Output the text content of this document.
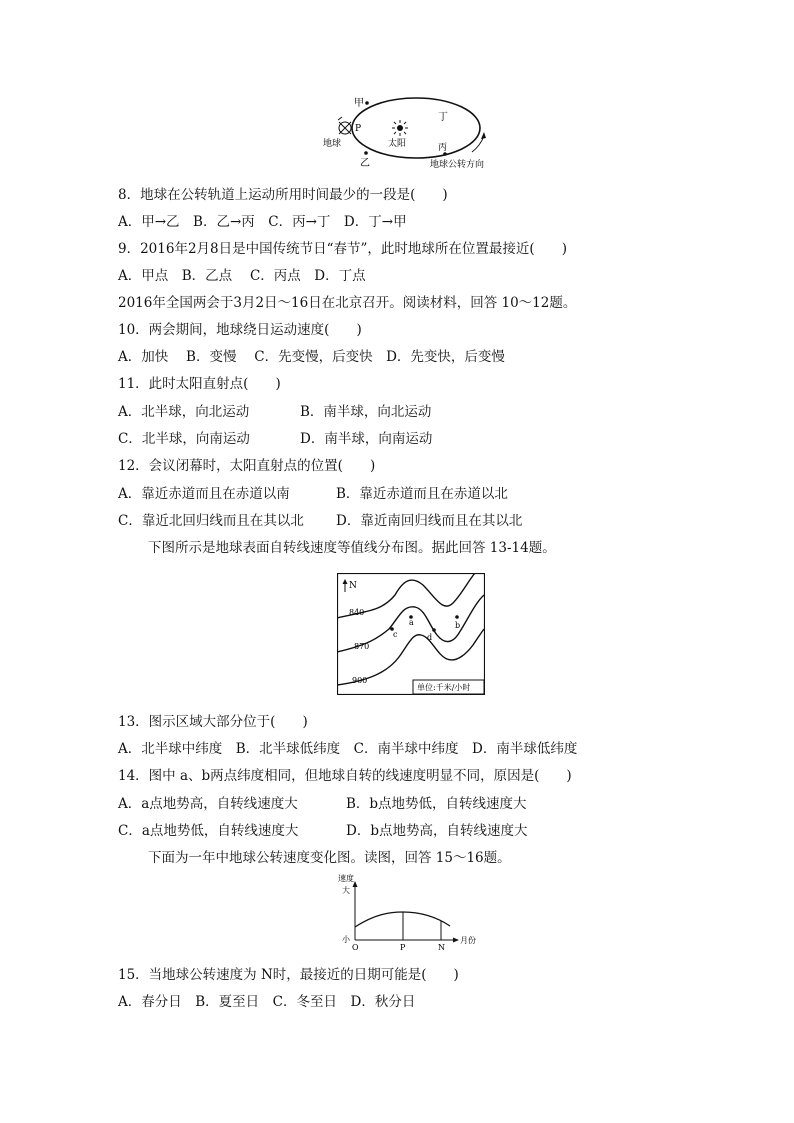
甲
P
地球
乙
太阳
丁
丙
地球公转方向
8．地球在公转轨道上运动所用时间最少的一段是(　　)
A．甲→乙　B．乙→丙　C．丙→丁　D．丁→甲
9．2016年2月8日是中国传统节日“春节”，此时地球所在位置最接近(　　)
A．甲点　B．乙点　 C．丙点　D．丁点
2016年全国两会于3月2日～16日在北京召开。阅读材料，回答 10～12题。
10．两会期间，地球绕日运动速度(　　)
A．加快　 B．变慢　 C．先变慢，后变快　D．先变快，后变慢
11．此时太阳直射点(　　)
A．北半球，向北运动	B．南半球，向北运动
C．北半球，向南运动	D．南半球，向南运动
12．会议闭幕时，太阳直射点的位置(　　)
A．靠近赤道而且在赤道以南	B．靠近赤道而且在赤道以北
C．靠近北回归线而且在其以北 D．靠近南回归线而且在其以北
下图所示是地球表面自转线速度等值线分布图。据此回答 13-14题。
N
840
870
900
a	b
c	d
单位:千米/小时
13．图示区域大部分位于(　　)
A．北半球中纬度　B．北半球低纬度　C．南半球中纬度　D．南半球低纬度
14．图中 a、b两点纬度相同，但地球自转的线速度明显不同，原因是(　　)
A．a点地势高，自转线速度大	B．b点地势低，自转线速度大
C．a点地势低，自转线速度大	D．b点地势高，自转线速度大
下面为一年中地球公转速度变化图。读图，回答 15～16题。
速度
大
小	月份
O	P	N
15．当地球公转速度为 N时，最接近的日期可能是(　　)
A．春分日　B．夏至日　C．冬至日　D．秋分日
